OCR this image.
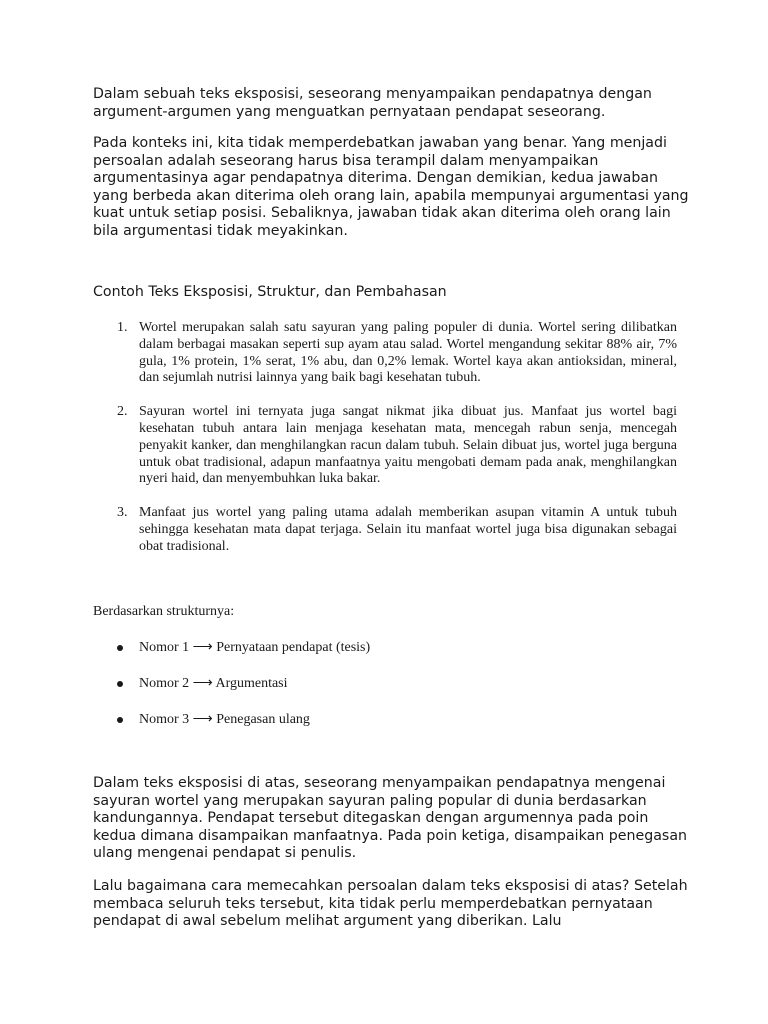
Dalam sebuah teks eksposisi, seseorang menyampaikan pendapatnya dengan argument-argumen yang menguatkan pernyataan pendapat seseorang.

Pada konteks ini, kita tidak memperdebatkan jawaban yang benar. Yang menjadi persoalan adalah seseorang harus bisa terampil dalam menyampaikan argumentasinya agar pendapatnya diterima. Dengan demikian, kedua jawaban yang berbeda akan diterima oleh orang lain, apabila mempunyai argumentasi yang kuat untuk setiap posisi. Sebaliknya, jawaban tidak akan diterima oleh orang lain bila argumentasi tidak meyakinkan.

Contoh Teks Eksposisi, Struktur, dan Pembahasan

1. Wortel merupakan salah satu sayuran yang paling populer di dunia. Wortel sering dilibatkan dalam berbagai masakan seperti sup ayam atau salad. Wortel mengandung sekitar 88% air, 7% gula, 1% protein, 1% serat, 1% abu, dan 0,2% lemak. Wortel kaya akan antioksidan, mineral, dan sejumlah nutrisi lainnya yang baik bagi kesehatan tubuh.
2. Sayuran wortel ini ternyata juga sangat nikmat jika dibuat jus. Manfaat jus wortel bagi kesehatan tubuh antara lain menjaga kesehatan mata, mencegah rabun senja, mencegah penyakit kanker, dan menghilangkan racun dalam tubuh. Selain dibuat jus, wortel juga berguna untuk obat tradisional, adapun manfaatnya yaitu mengobati demam pada anak, menghilangkan nyeri haid, dan menyembuhkan luka bakar.
3. Manfaat jus wortel yang paling utama adalah memberikan asupan vitamin A untuk tubuh sehingga kesehatan mata dapat terjaga. Selain itu manfaat wortel juga bisa digunakan sebagai obat tradisional.

Berdasarkan strukturnya:

Nomor 1 ⟶ Pernyataan pendapat (tesis)
Nomor 2 ⟶ Argumentasi
Nomor 3 ⟶ Penegasan ulang

Dalam teks eksposisi di atas, seseorang menyampaikan pendapatnya mengenai sayuran wortel yang merupakan sayuran paling popular di dunia berdasarkan kandungannya. Pendapat tersebut ditegaskan dengan argumennya pada poin kedua dimana disampaikan manfaatnya. Pada poin ketiga, disampaikan penegasan ulang mengenai pendapat si penulis.

Lalu bagaimana cara memecahkan persoalan dalam teks eksposisi di atas? Setelah membaca seluruh teks tersebut, kita tidak perlu memperdebatkan pernyataan pendapat di awal sebelum melihat argument yang diberikan. Lalu
